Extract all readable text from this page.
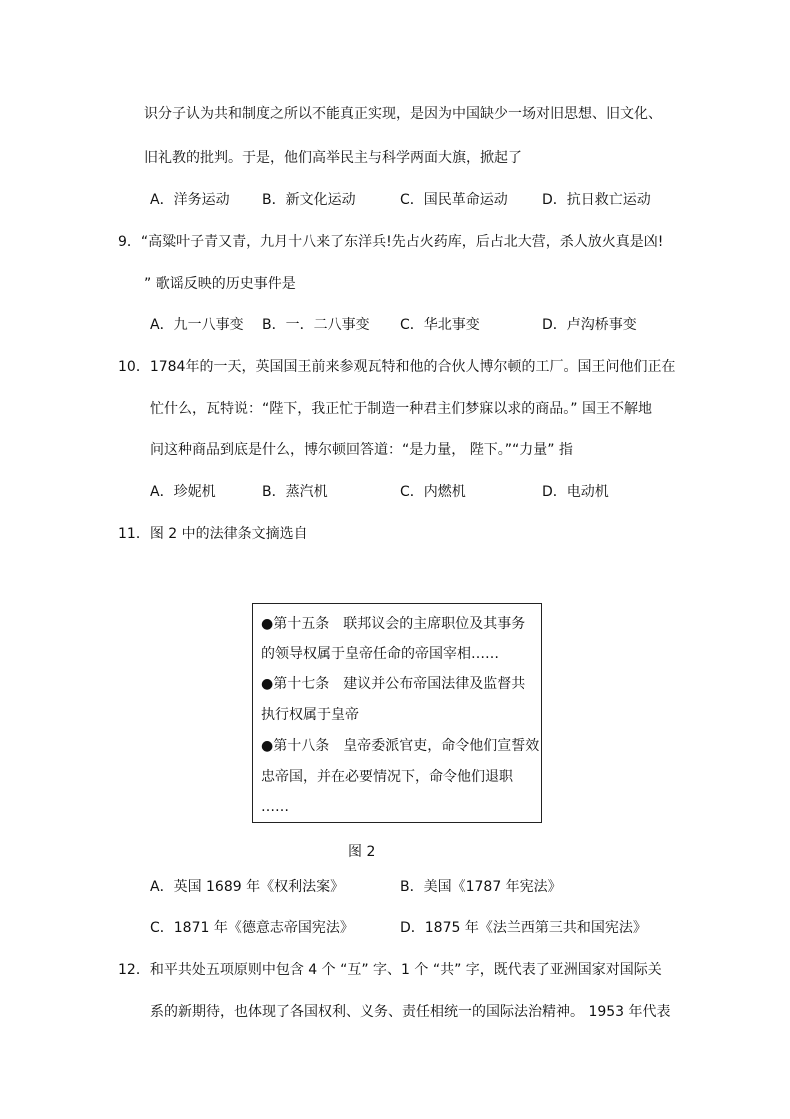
识分子认为共和制度之所以不能真正实现，是因为中国缺少一场对旧思想、旧文化、
旧礼教的批判。于是，他们高举民主与科学两面大旗，掀起了
A．洋务运动 B．新文化运动	C．国民革命运动 D．抗日救亡运动
9．“高粱叶子青又青，九月十八来了东洋兵!先占火药库，后占北大营，杀人放火真是凶!
” 歌谣反映的历史事件是
A．九一八事变 B．一．二八事变 C．华北事变	D．卢沟桥事变
10．1784年的一天，英国国王前来参观瓦特和他的合伙人博尔顿的工厂。国王问他们正在
忙什么，瓦特说：“陛下，我正忙于制造一种君主们梦寐以求的商品。” 国王不解地
问这种商品到底是什么，博尔顿回答道：“是力量， 陛下。”“力量” 指
A．珍妮机	B．蒸汽机	C．内燃机	D．电动机
11．图 2 中的法律条文摘选自
●第十五条　联邦议会的主席职位及其事务
的领导权属于皇帝任命的帝国宰相……
●第十七条　建议并公布帝国法律及监督共
执行权属于皇帝
●第十八条　皇帝委派官吏，命令他们宣誓效
忠帝国，并在必要情况下，命令他们退职
……
图 2
A．英国 1689 年《权利法案》	B．美国《1787 年宪法》
C．1871 年《德意志帝国宪法》	D．1875 年《法兰西第三共和国宪法》
12．和平共处五项原则中包含 4 个 “互” 字、1 个 “共” 字，既代表了亚洲国家对国际关
系的新期待，也体现了各国权利、义务、责任相统一的国际法治精神。 1953 年代表
